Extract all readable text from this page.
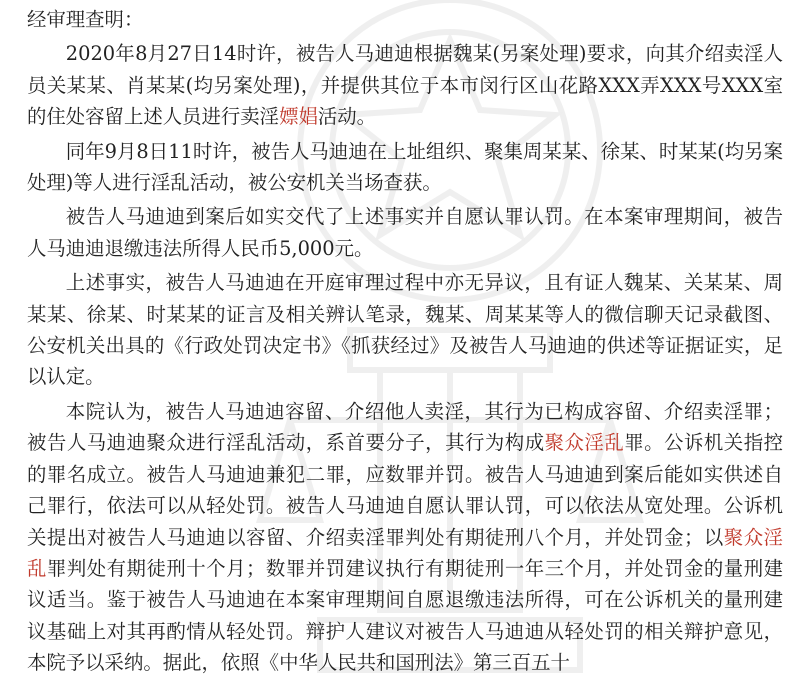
经审理查明：

2020年8月27日14时许，被告人马迪迪根据魏某(另案处理)要求，向其介绍卖淫人员关某某、肖某某(均另案处理)，并提供其位于本市闵行区山花路XXX弄XXX号XXX室的住处容留上述人员进行卖淫嫖娼活动。

同年9月8日11时许，被告人马迪迪在上址组织、聚集周某某、徐某、时某某(均另案处理)等人进行淫乱活动，被公安机关当场查获。

被告人马迪迪到案后如实交代了上述事实并自愿认罪认罚。在本案审理期间，被告人马迪迪退缴违法所得人民币5,000元。

上述事实，被告人马迪迪在开庭审理过程中亦无异议，且有证人魏某、关某某、周某某、徐某、时某某的证言及相关辨认笔录，魏某、周某某等人的微信聊天记录截图、公安机关出具的《行政处罚决定书》《抓获经过》及被告人马迪迪的供述等证据证实，足以认定。

本院认为，被告人马迪迪容留、介绍他人卖淫，其行为已构成容留、介绍卖淫罪；被告人马迪迪聚众进行淫乱活动，系首要分子，其行为构成聚众淫乱罪。公诉机关指控的罪名成立。被告人马迪迪兼犯二罪，应数罪并罚。被告人马迪迪到案后能如实供述自己罪行，依法可以从轻处罚。被告人马迪迪自愿认罪认罚，可以依法从宽处理。公诉机关提出对被告人马迪迪以容留、介绍卖淫罪判处有期徒刑八个月，并处罚金；以聚众淫乱罪判处有期徒刑十个月；数罪并罚建议执行有期徒刑一年三个月，并处罚金的量刑建议适当。鉴于被告人马迪迪在本案审理期间自愿退缴违法所得，可在公诉机关的量刑建议基础上对其再酌情从轻处罚。辩护人建议对被告人马迪迪从轻处罚的相关辩护意见，本院予以采纳。据此，依照《中华人民共和国刑法》第三百五十
